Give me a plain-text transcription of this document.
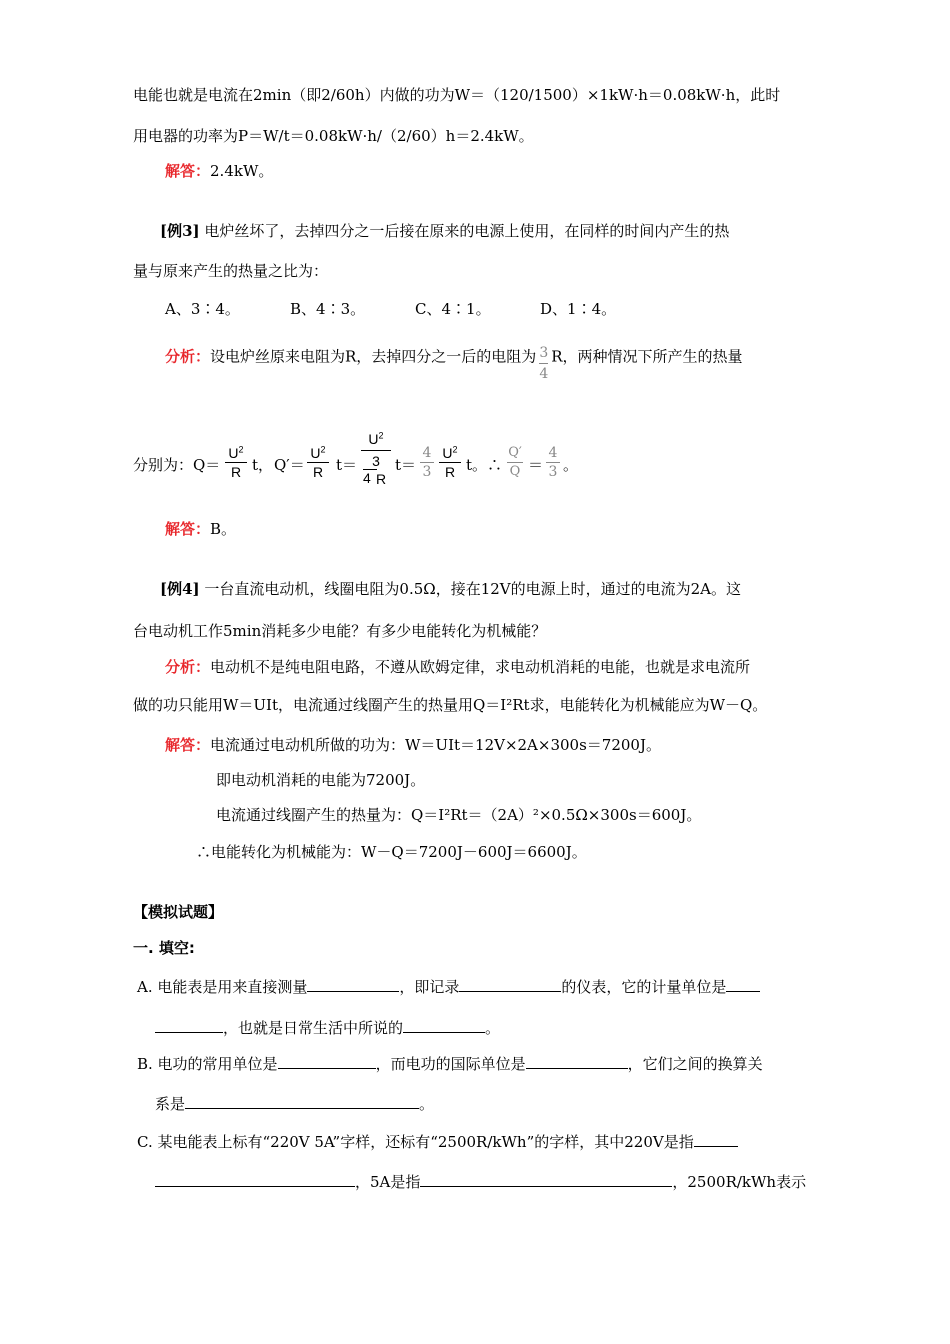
电能也就是电流在2min（即2/60h）内做的功为W＝（120/1500）×1kW·h＝0.08kW·h，此时
用电器的功率为P＝W/t＝0.08kW·h/（2/60）h＝2.4kW。
解答：2.4kW。
[例3] 电炉丝坏了，去掉四分之一后接在原来的电源上使用，在同样的时间内产生的热
量与原来产生的热量之比为：
A、3∶4。	B、4∶3。	C、4∶1。	D、1∶4。
分析：设电炉丝原来电阻为R，去掉四分之一后的电阻为 $\frac{3}{4}$ R，两种情况下所产生的热量
分别为：Q＝
$U^2$
R t， Q′＝
$U^2$
R t＝
$U^2$
3
4 R
t＝
4
3
$U^2$
R t。∴
Q′
Q ＝
4
3 。
解答：B。
[例4] 一台直流电动机，线圈电阻为0.5Ω，接在12V的电源上时，通过的电流为2A。这
台电动机工作5min消耗多少电能？有多少电能转化为机械能？
分析：电动机不是纯电阻电路，不遵从欧姆定律，求电动机消耗的电能，也就是求电流所
做的功只能用W＝UIt，电流通过线圈产生的热量用Q＝I²Rt求，电能转化为机械能应为W－Q。
解答：电流通过电动机所做的功为：W＝UIt＝12V×2A×300s＝7200J。
即电动机消耗的电能为7200J。
电流通过线圈产生的热量为：Q＝I²Rt＝（2A）²×0.5Ω×300s＝600J。
∴电能转化为机械能为：W－Q＝7200J－600J＝6600J。
【模拟试题】
一. 填空:
A. 电能表是用来直接测量	，即记录	的仪表，它的计量单位是
，也就是日常生活中所说的	。
B. 电功的常用单位是	，而电功的国际单位是	，它们之间的换算关
系是	。
C. 某电能表上标有“220V 5A”字样，还标有“2500R/kWh”的字样，其中220V是指
，5A是指	，2500R/kWh表示
